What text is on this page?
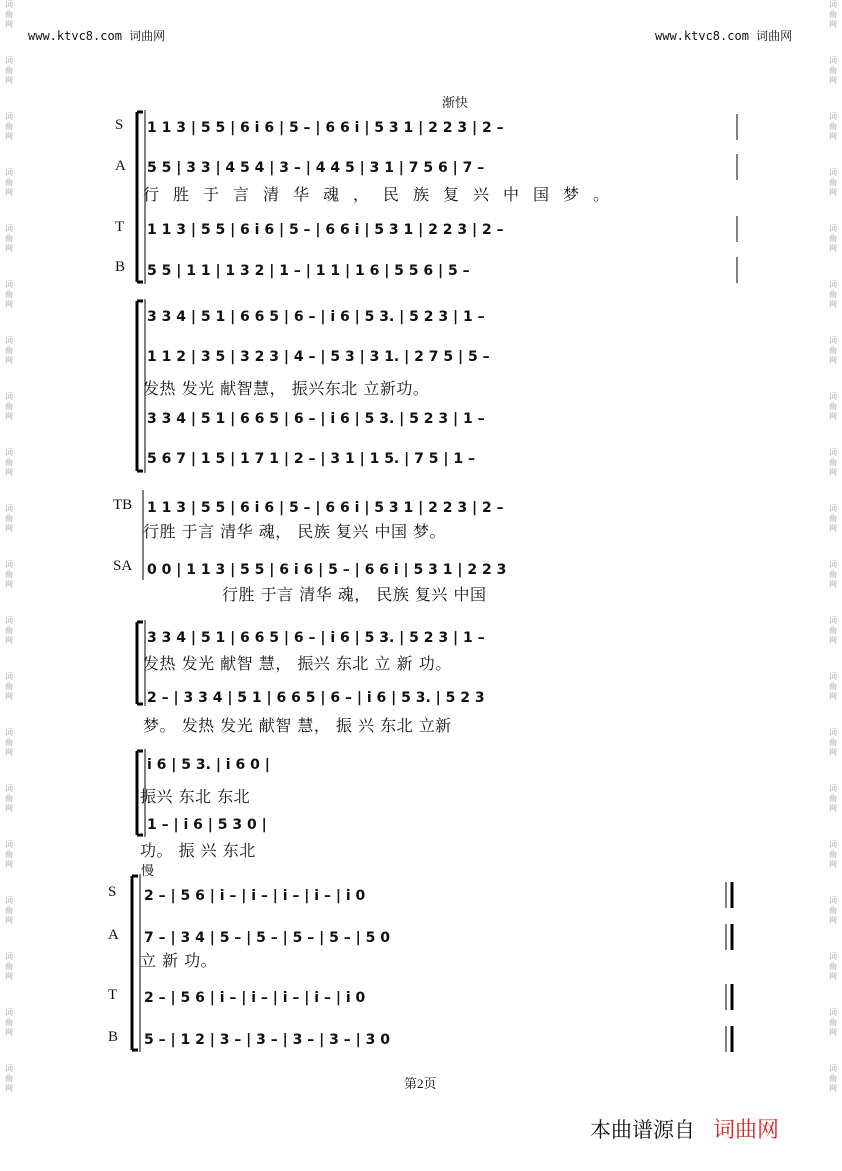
www.ktvc8.com 词曲网	www.ktvc8.com 词曲网
词曲网
词曲网
词曲网
词曲网
词曲网
词曲网
词曲网
词曲网
词曲网
词曲网
词曲网
词曲网
词曲网
词曲网
词曲网
词曲网
词曲网
词曲网
词曲网
词曲网
词曲网
词曲网
词曲网
词曲网
词曲网
词曲网
词曲网
词曲网
词曲网
词曲网
词曲网
词曲网
词曲网
词曲网
词曲网
词曲网
词曲网
词曲网
词曲网
词曲网
渐快
S
A
T
B
1 1 3 | 5 5 | 6 i 6 | 5 – | 6 6 i | 5 3 1 | 2 2 3 | 2 –
5 5 | 3 3 | 4 5 4 | 3 – | 4 4 5 | 3 1 | 7 5 6 | 7 –
1 1 3 | 5 5 | 6 i 6 | 5 – | 6 6 i | 5 3 1 | 2 2 3 | 2 –
5 5 | 1 1 | 1 3 2 | 1 – | 1 1 | 1 6 | 5 5 6 | 5 –
行胜于言清华魂，民族复兴中国梦。
3 3 4 | 5 1 | 6 6 5 | 6 – | i 6 | 5 3. | 5 2 3 | 1 –
1 1 2 | 3 5 | 3 2 3 | 4 – | 5 3 | 3 1. | 2 7 5 | 5 –
3 3 4 | 5 1 | 6 6 5 | 6 – | i 6 | 5 3. | 5 2 3 | 1 –
5 6 7 | 1 5 | 1 7 1 | 2 – | 3 1 | 1 5. | 7 5 | 1 –
发热 发光 献智慧， 振兴东北 立新功。
TB
SA
1 1 3 | 5 5 | 6 i 6 | 5 – | 6 6 i | 5 3 1 | 2 2 3 | 2 –
0 0 | 1 1 3 | 5 5 | 6 i 6 | 5 – | 6 6 i | 5 3 1 | 2 2 3
行胜 于言 清华 魂， 民族 复兴 中国 梦。
行胜 于言 清华 魂， 民族 复兴 中国
3 3 4 | 5 1 | 6 6 5 | 6 – | i 6 | 5 3. | 5 2 3 | 1 –
2 – | 3 3 4 | 5 1 | 6 6 5 | 6 – | i 6 | 5 3. | 5 2 3
发热 发光 献智 慧， 振兴 东北 立 新 功。
梦。 发热 发光 献智 慧， 振 兴 东北 立新
i 6 | 5 3. | i 6 0 |
1 – | i 6 | 5 3 0 |
振兴 东北 东北
功。 振 兴 东北
慢
S
A
T
B
2 – | 5 6 | i – | i – | i – | i – | i 0
7 – | 3 4 | 5 – | 5 – | 5 – | 5 – | 5 0
2 – | 5 6 | i – | i – | i – | i – | i 0
5 – | 1 2 | 3 – | 3 – | 3 – | 3 – | 3 0
立 新 功。
第2页
本曲谱源自 词曲网
